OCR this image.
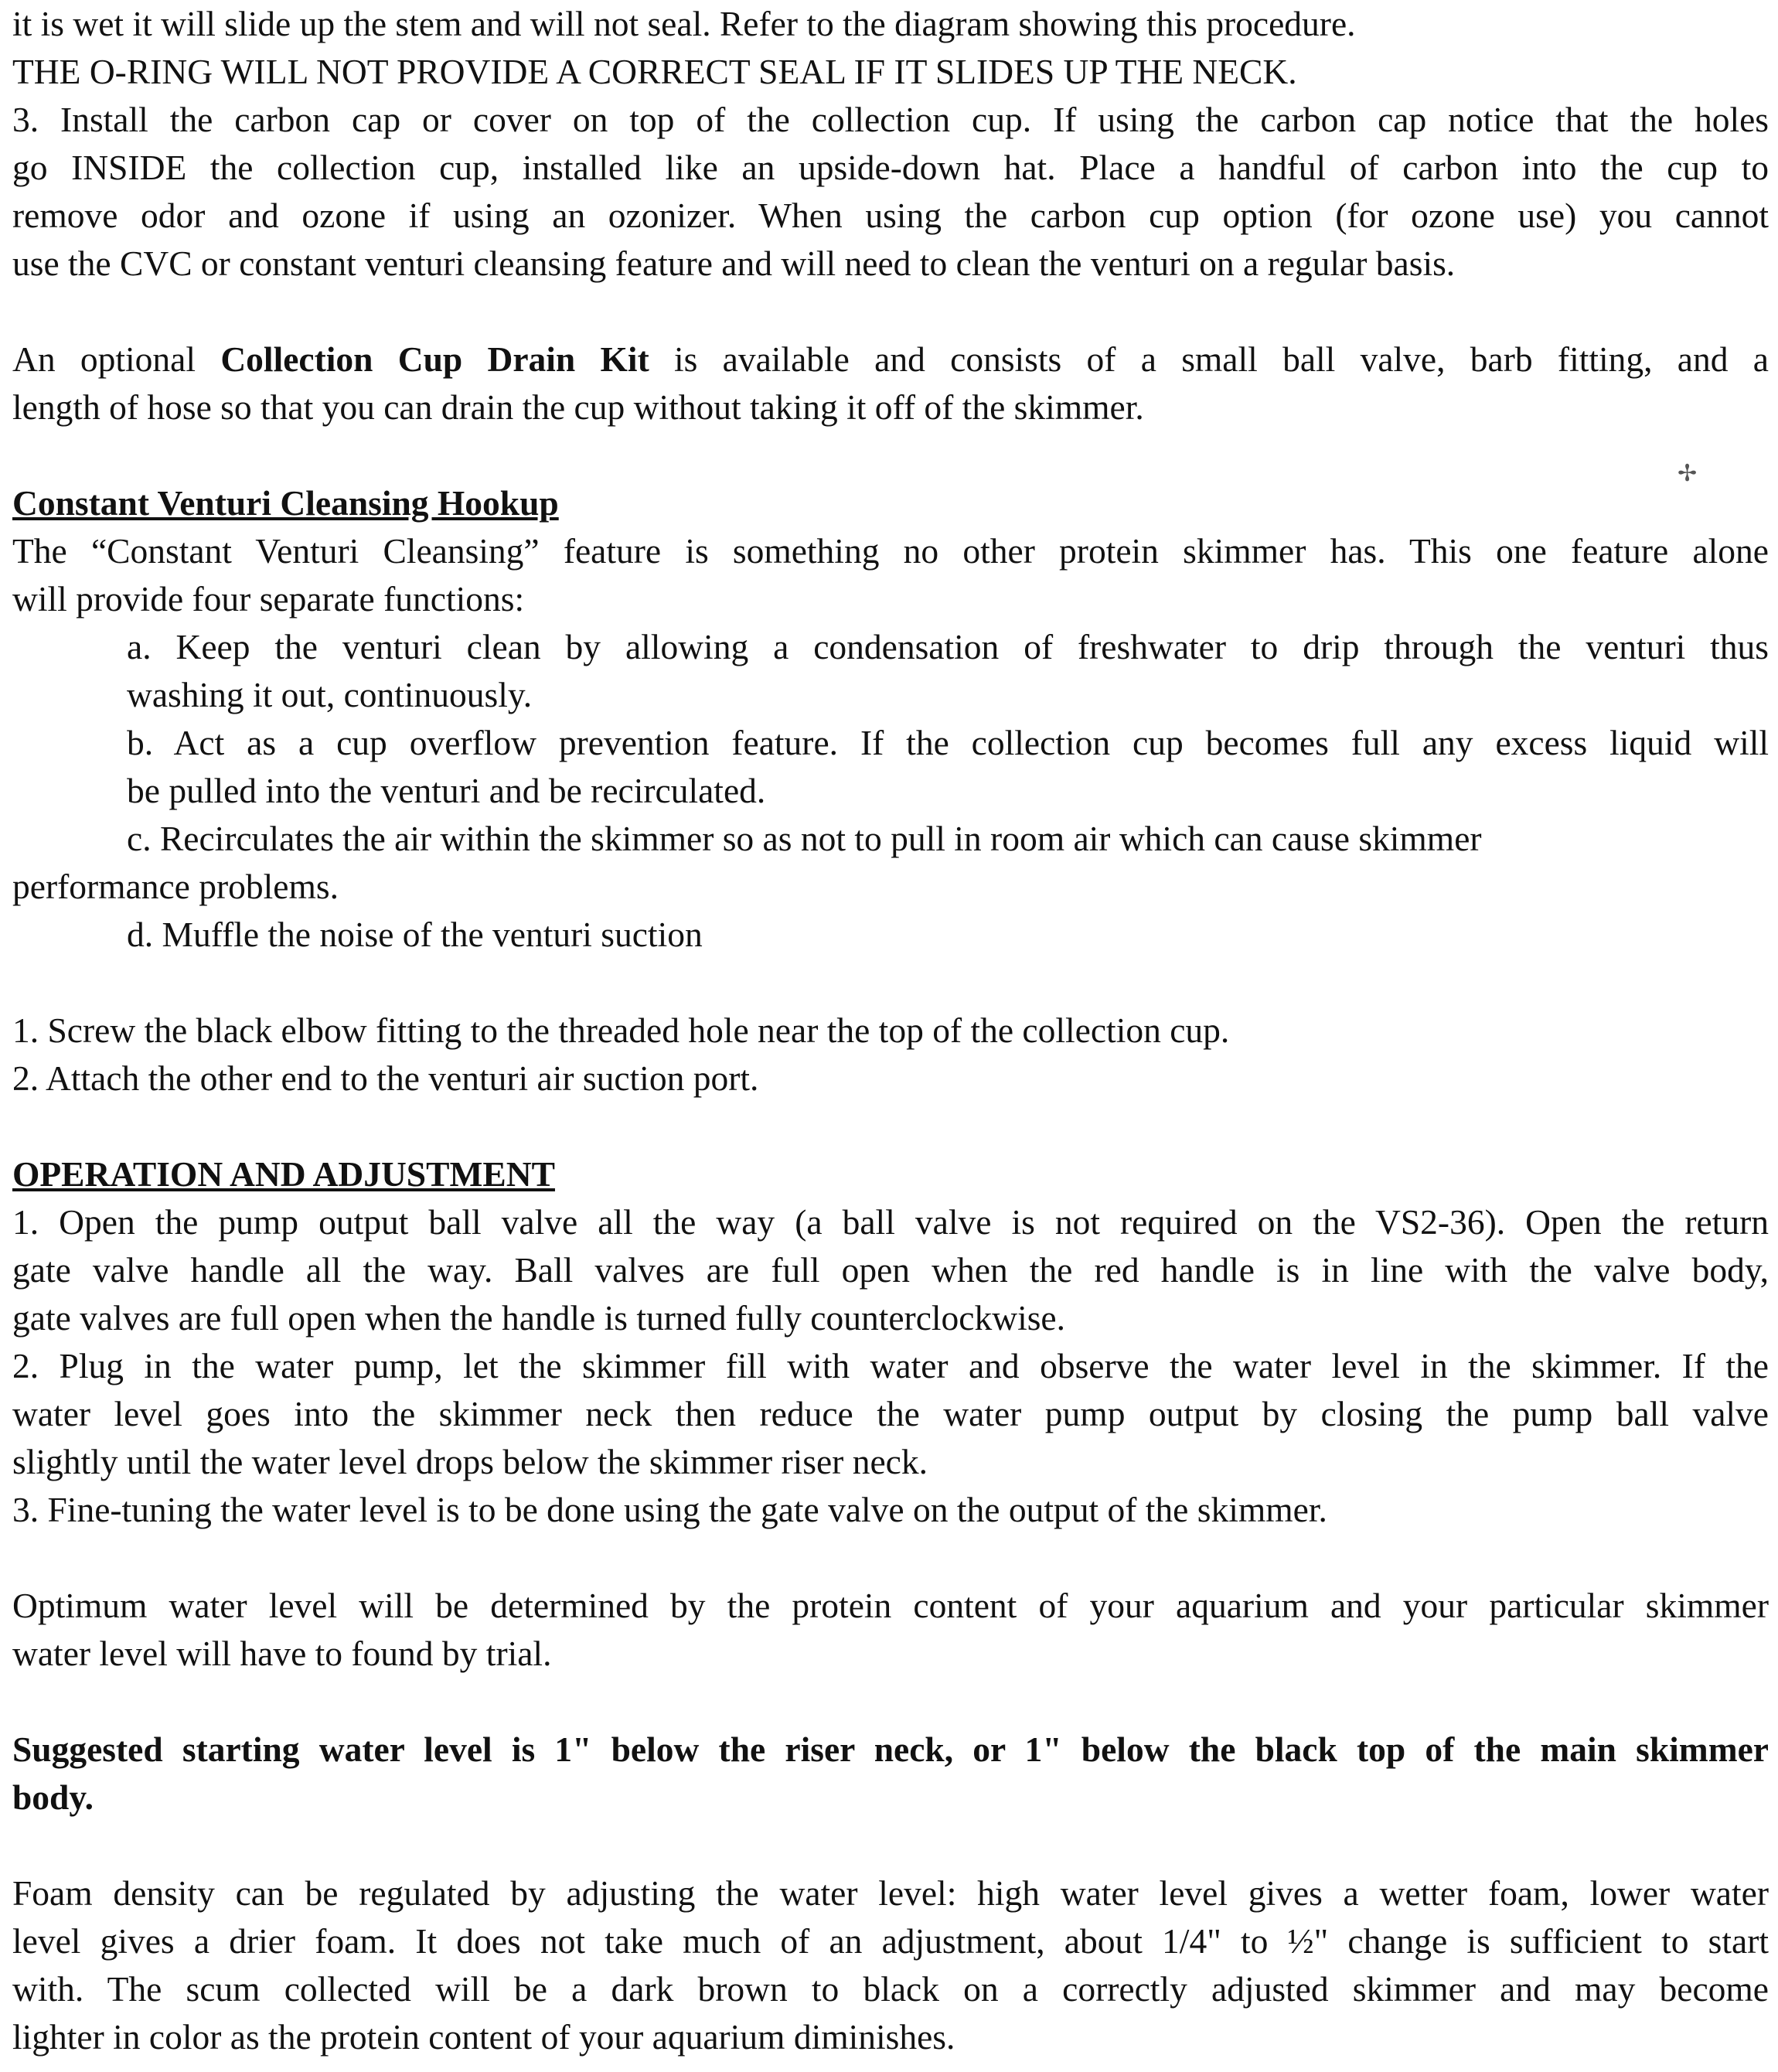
it is wet it will slide up the stem and will not seal. Refer to the diagram showing this procedure.

THE O-RING WILL NOT PROVIDE A CORRECT SEAL IF IT SLIDES UP THE NECK.

3. Install the carbon cap or cover on top of the collection cup. If using the carbon cap notice that the holes

go INSIDE the collection cup, installed like an upside-down hat. Place a handful of carbon into the cup to

remove odor and ozone if using an ozonizer. When using the carbon cup option (for ozone use) you cannot

use the CVC or constant venturi cleansing feature and will need to clean the venturi on a regular basis.

An optional Collection Cup Drain Kit is available and consists of a small ball valve, barb fitting, and a

length of hose so that you can drain the cup without taking it off of the skimmer.

Constant Venturi Cleansing Hookup

The “Constant Venturi Cleansing” feature is something no other protein skimmer has. This one feature alone

will provide four separate functions:

a. Keep the venturi clean by allowing a condensation of freshwater to drip through the venturi thus

washing it out, continuously.

b. Act as a cup overflow prevention feature. If the collection cup becomes full any excess liquid will

be pulled into the venturi and be recirculated.

c. Recirculates the air within the skimmer so as not to pull in room air which can cause skimmer

performance problems.

d. Muffle the noise of the venturi suction

1. Screw the black elbow fitting to the threaded hole near the top of the collection cup.

2. Attach the other end to the venturi air suction port.

OPERATION AND ADJUSTMENT

1. Open the pump output ball valve all the way (a ball valve is not required on the VS2-36). Open the return

gate valve handle all the way. Ball valves are full open when the red handle is in line with the valve body,

gate valves are full open when the handle is turned fully counterclockwise.

2. Plug in the water pump, let the skimmer fill with water and observe the water level in the skimmer. If the

water level goes into the skimmer neck then reduce the water pump output by closing the pump ball valve

slightly until the water level drops below the skimmer riser neck.

3. Fine-tuning the water level is to be done using the gate valve on the output of the skimmer.

Optimum water level will be determined by the protein content of your aquarium and your particular skimmer

water level will have to found by trial.

Suggested starting water level is 1" below the riser neck, or 1" below the black top of the main skimmer

body.

Foam density can be regulated by adjusting the water level: high water level gives a wetter foam, lower water

level gives a drier foam. It does not take much of an adjustment, about 1/4" to ½" change is sufficient to start

with. The scum collected will be a dark brown to black on a correctly adjusted skimmer and may become

lighter in color as the protein content of your aquarium diminishes.

✢
